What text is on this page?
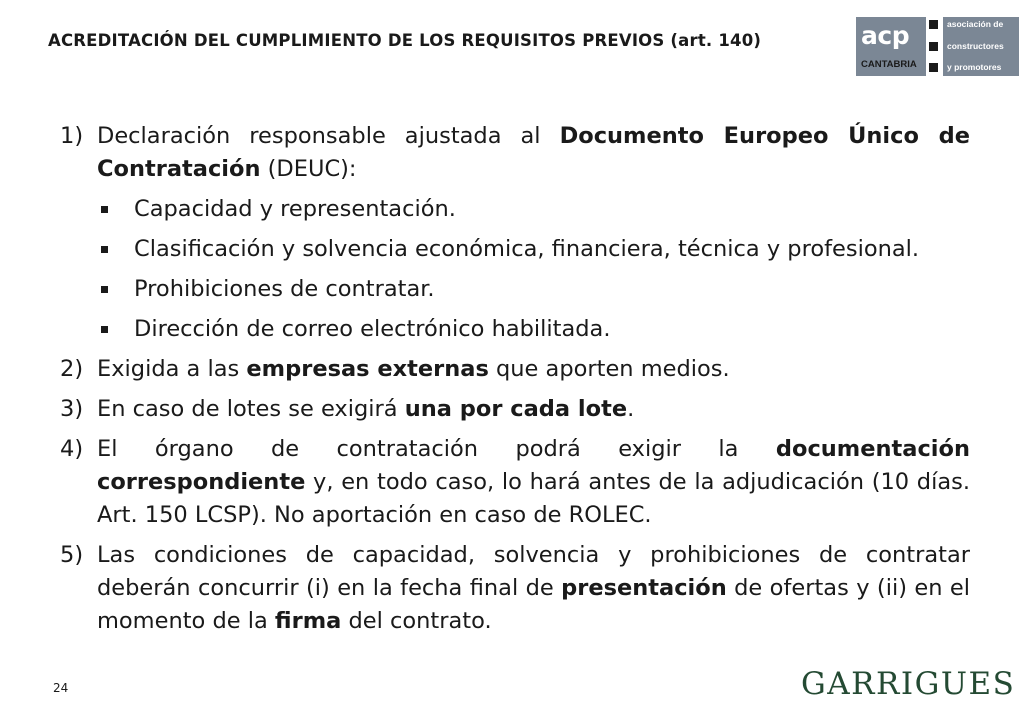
ACREDITACIÓN DEL CUMPLIMIENTO DE LOS REQUISITOS PREVIOS (art. 140)	acp
CANTABRIA
asociación de
constructores
y promotores
1) Declaración responsable ajustada al Documento Europeo Único de Contratación (DEUC):
Capacidad y representación.
Clasificación y solvencia económica, financiera, técnica y profesional.
Prohibiciones de contratar.
Dirección de correo electrónico habilitada.
2) Exigida a las empresas externas que aporten medios.
3) En caso de lotes se exigirá una por cada lote.
4) El órgano de contratación podrá exigir la documentación correspondiente y, en todo caso, lo hará antes de la adjudicación (10 días. Art. 150 LCSP). No aportación en caso de ROLEC.
5) Las condiciones de capacidad, solvencia y prohibiciones de contratar deberán concurrir (i) en la fecha final de presentación de ofertas y (ii) en el momento de la firma del contrato.
24	GARRIGUES
